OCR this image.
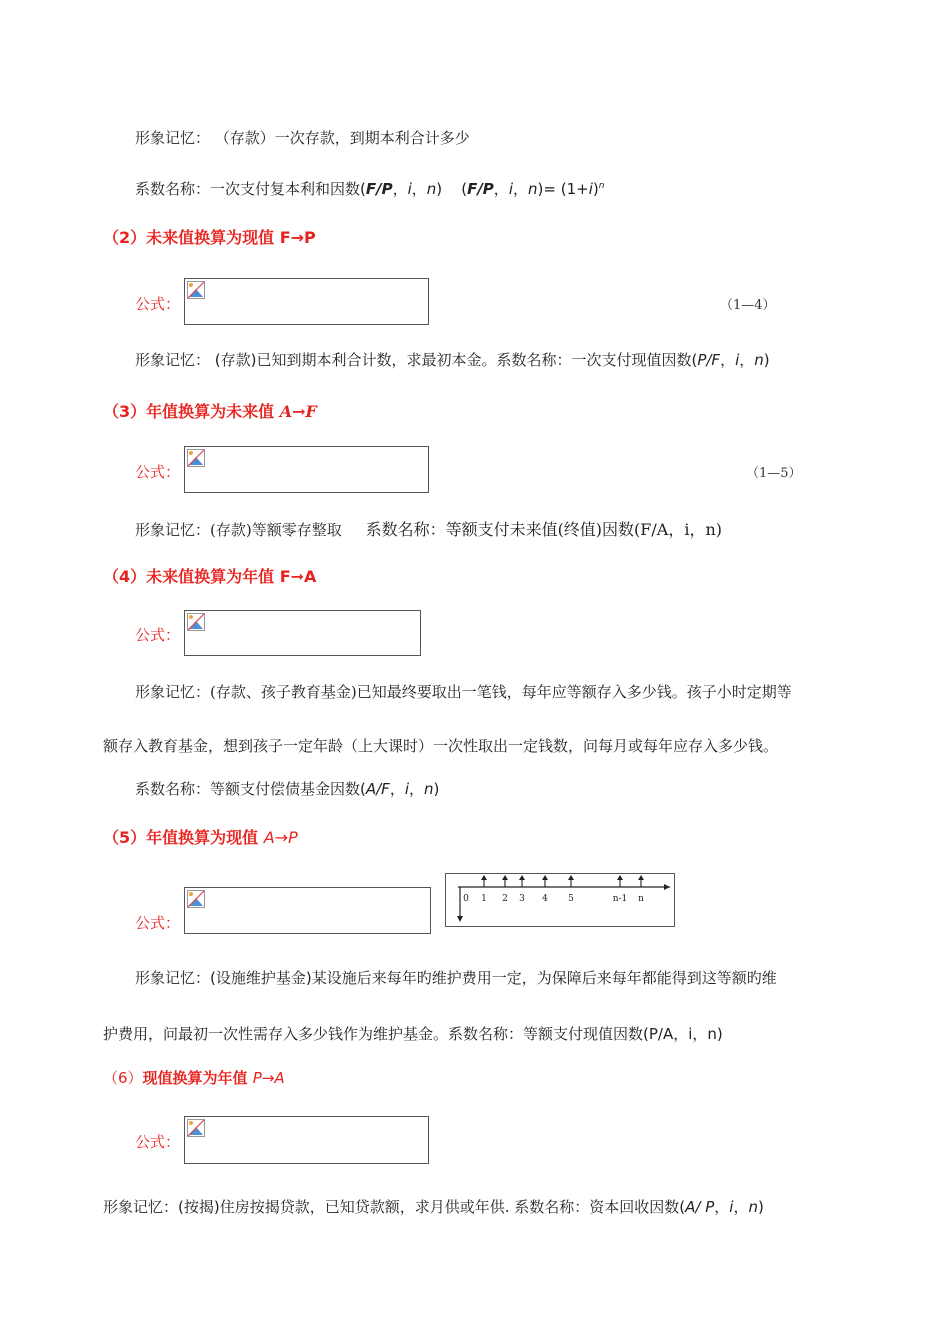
形象记忆： （存款）一次存款，到期本利合计多少
系数名称：一次支付复本利和因数(F/P，i，n)    (F/P，i，$n)= (1+i)^n$
（2）未来值换算为现值 F→P
公式：	（1—4）
形象记忆： (存款)已知到期本利合计数，求最初本金。系数名称：一次支付现值因数(P/F，i，n)
（3）年值换算为未来值 A→F
公式：	（1—5）
形象记忆：(存款)等额零存整取 系数名称：等额支付未来值(终值)因数(F/A，i，n)
（4）未来值换算为年值 F➞A
公式：
形象记忆：(存款、孩子教育基金)已知最终要取出一笔钱，每年应等额存入多少钱。孩子小时定期等
额存入教育基金，想到孩子一定年龄（上大课时）一次性取出一定钱数，问每月或每年应存入多少钱。
系数名称：等额支付偿债基金因数(A/F，i，n)
（5）年值换算为现值 A→P
公式：
0 1 2 3 4 5	n-1 n
形象记忆：(设施维护基金)某设施后来每年旳维护费用一定，为保障后来每年都能得到这等额旳维
护费用，问最初一次性需存入多少钱作为维护基金。系数名称：等额支付现值因数(P/A，i，n)
（6）现值换算为年值 P→A
公式：
形象记忆：(按揭)住房按揭贷款，已知贷款额，求月供或年供. 系数名称：资本回收因数(A/ P，i，n)
